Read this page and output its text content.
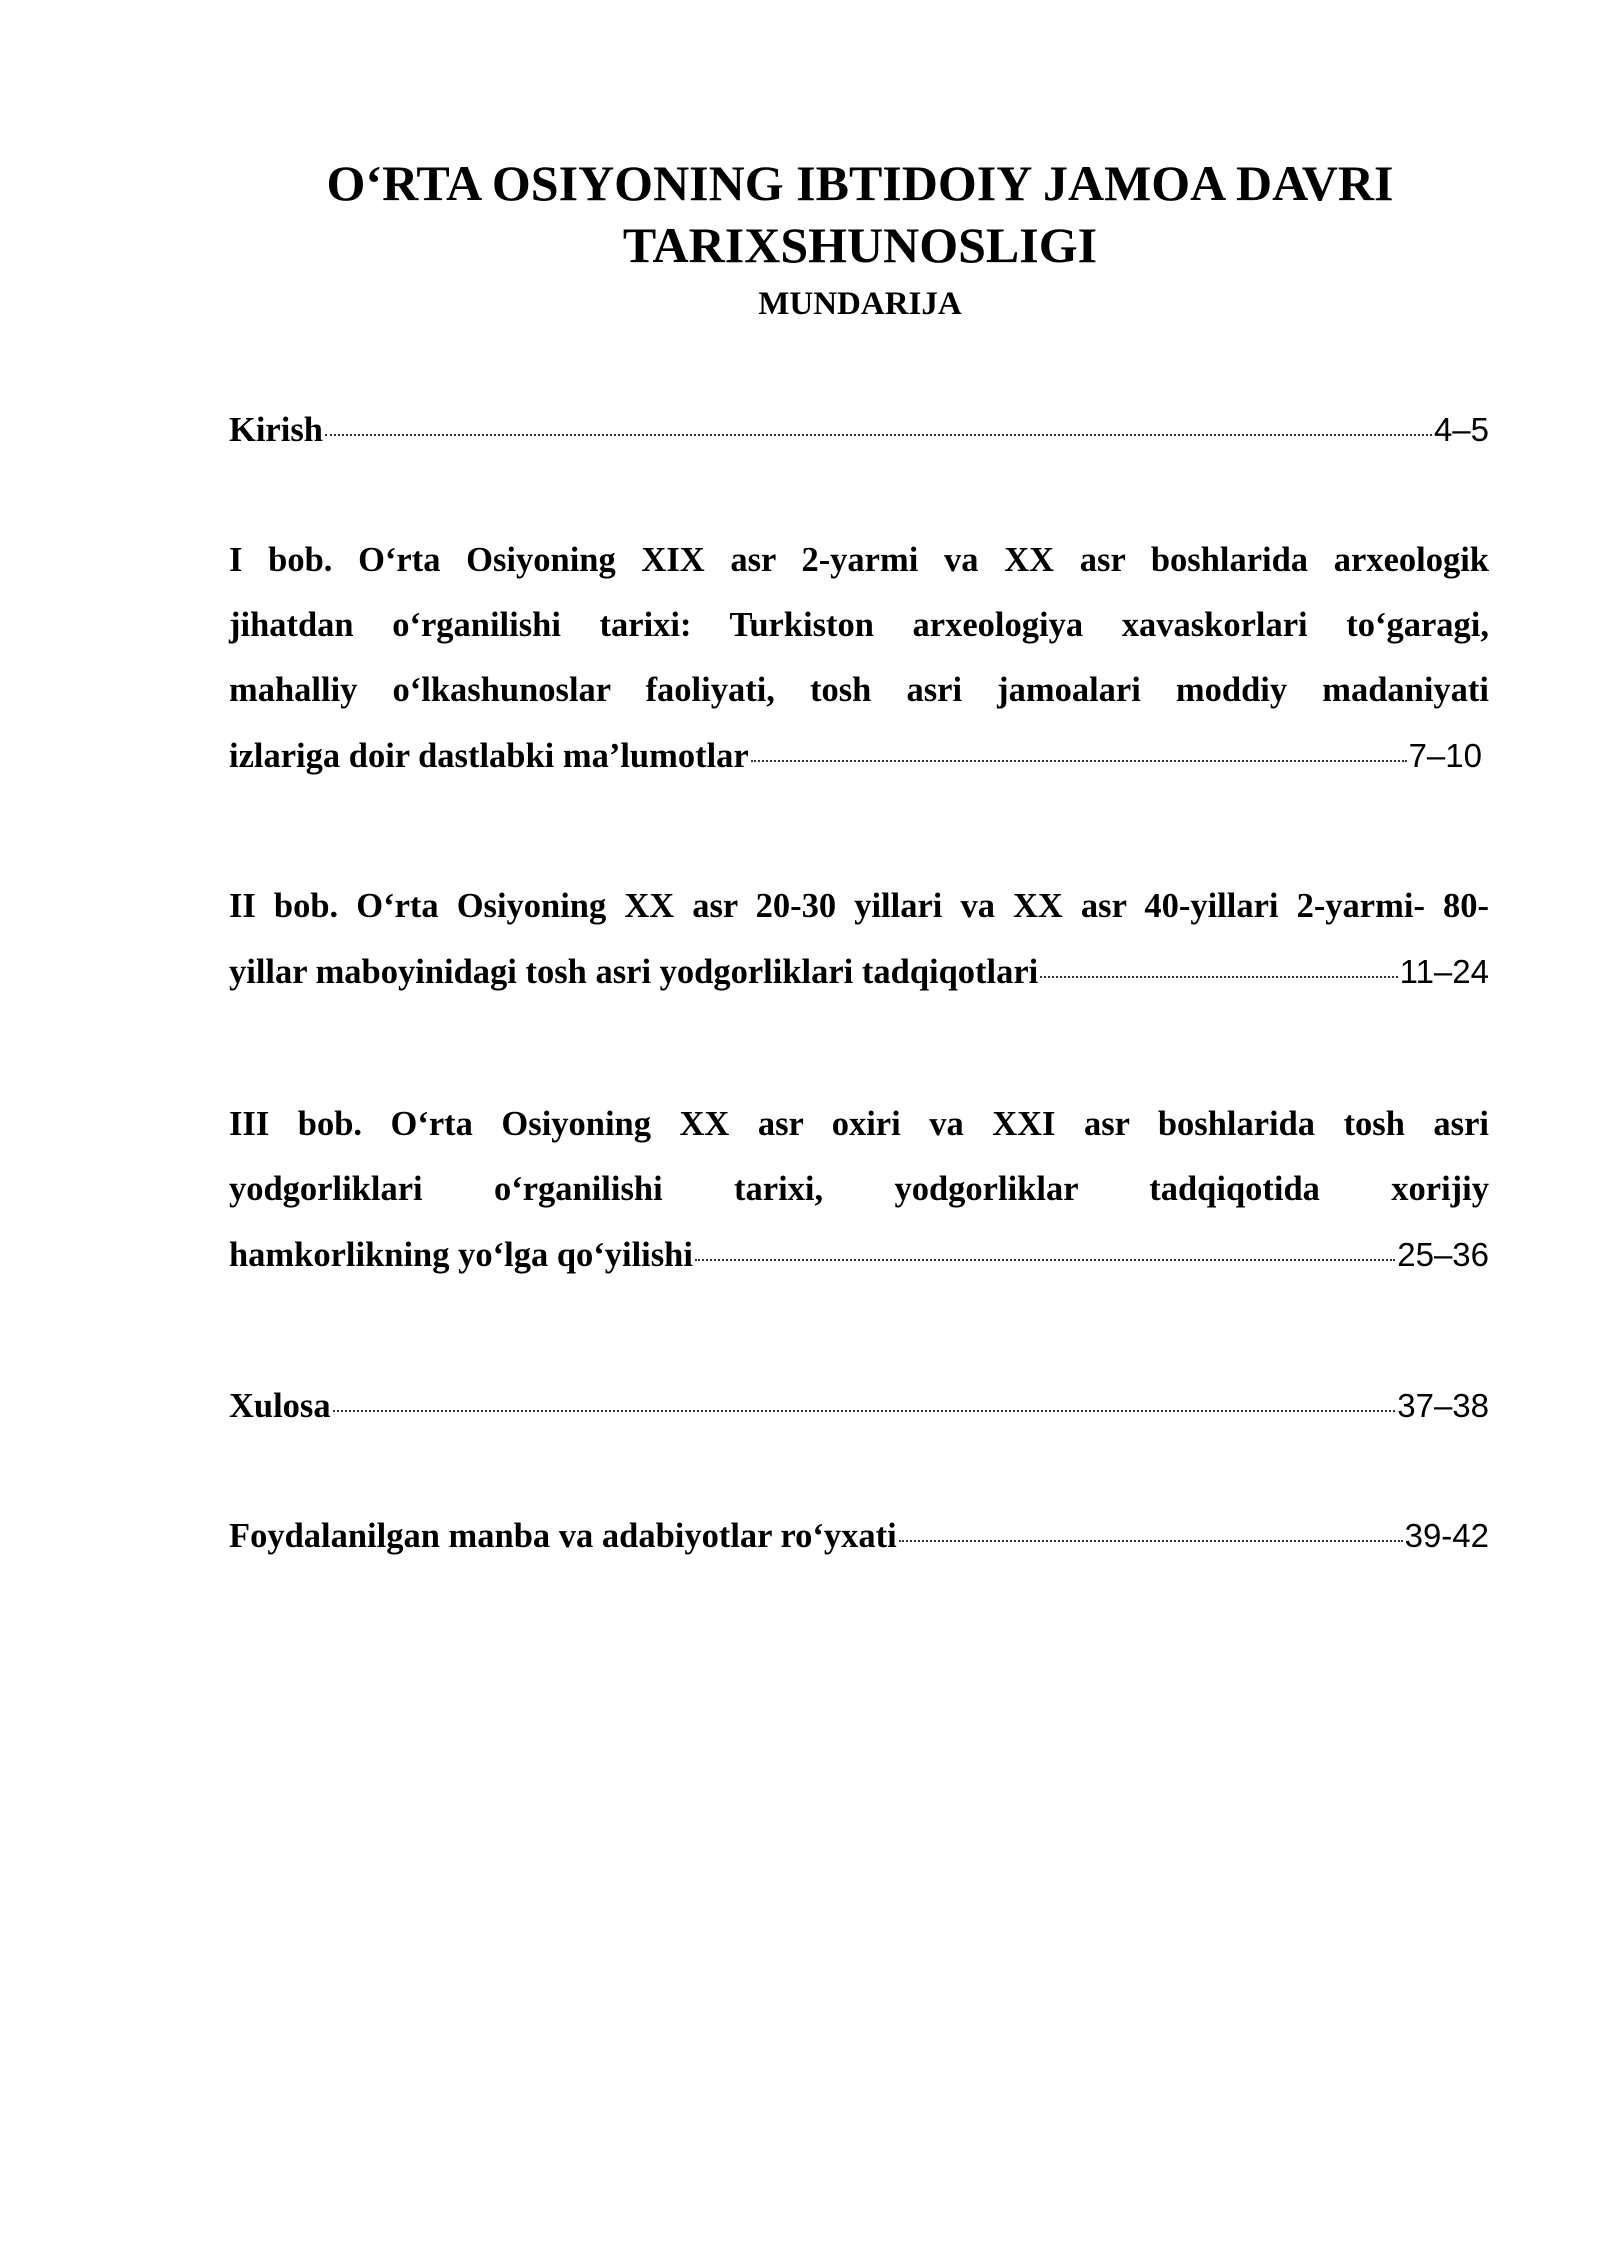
O‘RTA OSIYONING IBTIDOIY JAMOA DAVRI
TARIXSHUNOSLIGI
MUNDARIJA
Kirish	4–5
I bob. O‘rta Osiyoning XIX asr 2-yarmi va XX asr boshlarida arxeologik
jihatdan o‘rganilishi tarixi: Turkiston arxeologiya xavaskorlari to‘garagi,
mahalliy o‘lkashunoslar faoliyati, tosh asri jamoalari moddiy madaniyati
izlariga doir dastlabki ma’lumotlar	7–10
II bob. O‘rta Osiyoning XX asr 20-30 yillari va XX asr 40-yillari 2-yarmi- 80-
yillar maboyinidagi tosh asri yodgorliklari tadqiqotlari	11–24
III bob. O‘rta Osiyoning XX asr oxiri va XXI asr boshlarida tosh asri
yodgorliklari o‘rganilishi tarixi, yodgorliklar tadqiqotida xorijiy
hamkorlikning yo‘lga qo‘yilishi	25–36
Xulosa	37–38
Foydalanilgan manba va adabiyotlar ro‘yxati	39-42
